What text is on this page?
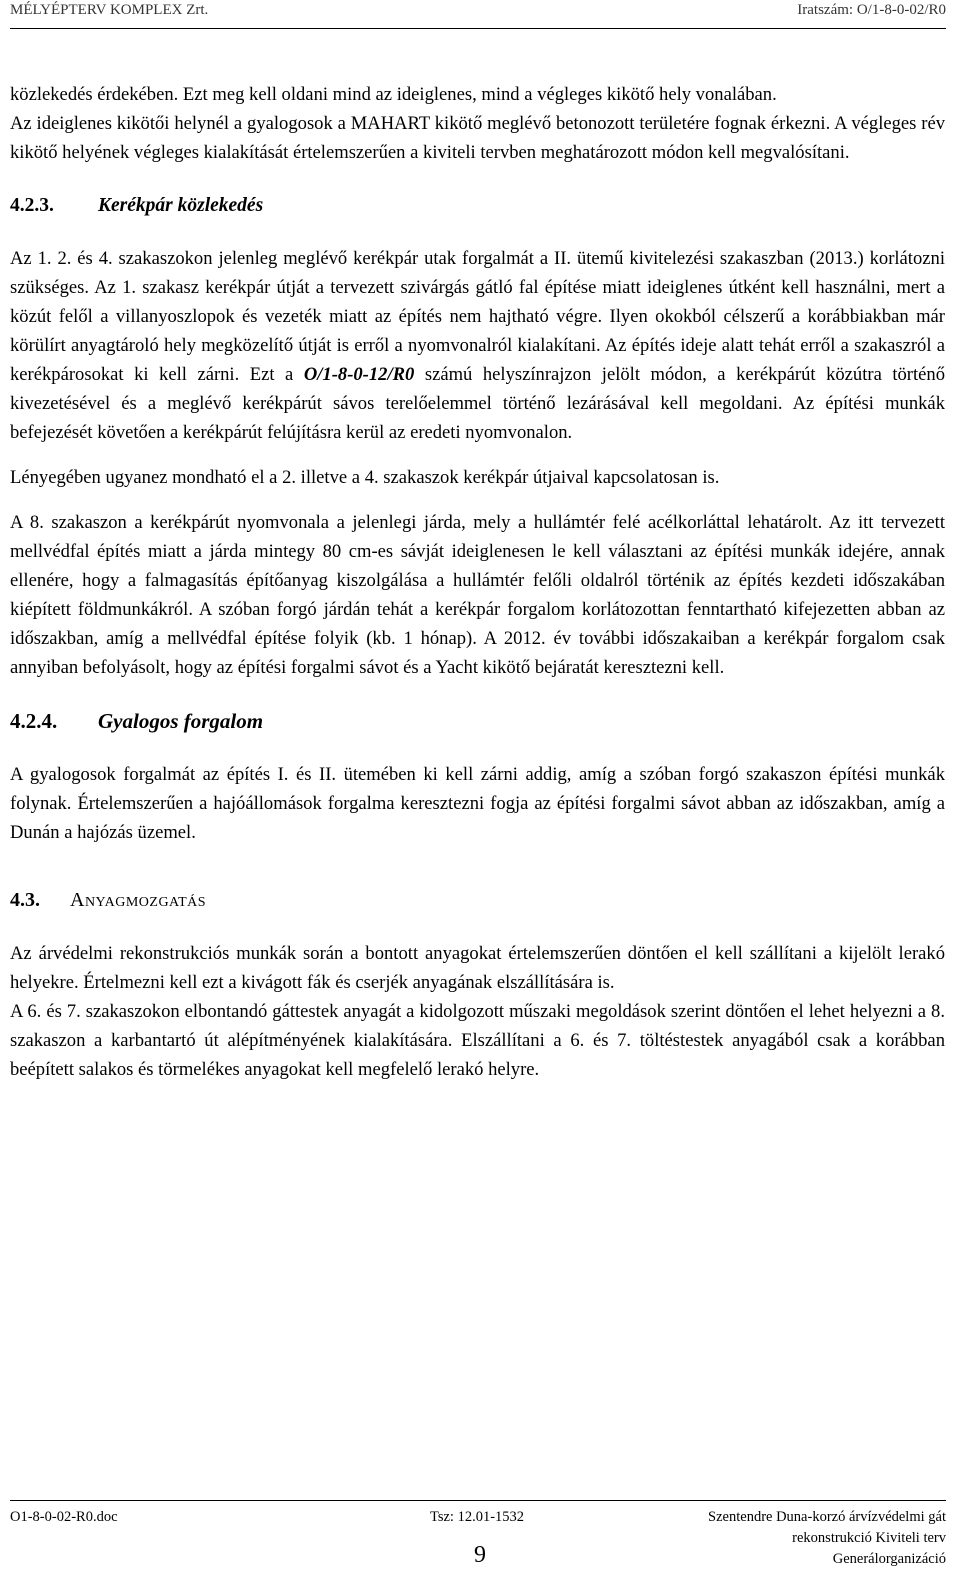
MÉLYÉPTERV KOMPLEX Zrt.	Iratszám: O/1-8-0-02/R0

közlekedés érdekében. Ezt meg kell oldani mind az ideiglenes, mind a végleges kikötő hely vonalában.

Az ideiglenes kikötői helynél a gyalogosok a MAHART kikötő meglévő betonozott területére fognak érkezni. A végleges rév kikötő helyének végleges kialakítását értelemszerűen a kiviteli tervben meghatározott módon kell megvalósítani.

4.2.3.	Kerékpár közlekedés

Az 1. 2. és 4. szakaszokon jelenleg meglévő kerékpár utak forgalmát a II. ütemű kivitelezési szakaszban (2013.) korlátozni szükséges. Az 1. szakasz kerékpár útját a tervezett szivárgás gátló fal építése miatt ideiglenes útként kell használni, mert a közút felől a villanyoszlopok és vezeték miatt az építés nem hajtható végre. Ilyen okokból célszerű a korábbiakban már körülírt anyagtároló hely megközelítő útját is erről a nyomvonalról kialakítani. Az építés ideje alatt tehát erről a szakaszról a kerékpárosokat ki kell zárni. Ezt a O/1-8-0-12/R0 számú helyszínrajzon jelölt módon, a kerékpárút közútra történő kivezetésével és a meglévő kerékpárút sávos terelőelemmel történő lezárásával kell megoldani. Az építési munkák befejezését követően a kerékpárút felújításra kerül az eredeti nyomvonalon.

Lényegében ugyanez mondható el a 2. illetve a 4. szakaszok kerékpár útjaival kapcsolatosan is.

A 8. szakaszon a kerékpárút nyomvonala a jelenlegi járda, mely a hullámtér felé acélkorláttal lehatárolt. Az itt tervezett mellvédfal építés miatt a járda mintegy 80 cm-es sávját ideiglenesen le kell választani az építési munkák idejére, annak ellenére, hogy a falmagasítás építőanyag kiszolgálása a hullámtér felőli oldalról történik az építés kezdeti időszakában kiépített földmunkákról. A szóban forgó járdán tehát a kerékpár forgalom korlátozottan fenntartható kifejezetten abban az időszakban, amíg a mellvédfal építése folyik (kb. 1 hónap). A 2012. év további időszakaiban a kerékpár forgalom csak annyiban befolyásolt, hogy az építési forgalmi sávot és a Yacht kikötő bejáratát keresztezni kell.

4.2.4.	Gyalogos forgalom

A gyalogosok forgalmát az építés I. és II. ütemében ki kell zárni addig, amíg a szóban forgó szakaszon építési munkák folynak. Értelemszerűen a hajóállomások forgalma keresztezni fogja az építési forgalmi sávot abban az időszakban, amíg a Dunán a hajózás üzemel.

4.3.	Anyagmozgatás

Az árvédelmi rekonstrukciós munkák során a bontott anyagokat értelemszerűen döntően el kell szállítani a kijelölt lerakó helyekre. Értelmezni kell ezt a kivágott fák és cserjék anyagának elszállítására is.

A 6. és 7. szakaszokon elbontandó gáttestek anyagát a kidolgozott műszaki megoldások szerint döntően el lehet helyezni a 8. szakaszon a karbantartó út alépítményének kialakítására. Elszállítani a 6. és 7. töltéstestek anyagából csak a korábban beépített salakos és törmelékes anyagokat kell megfelelő lerakó helyre.

O1-8-0-02-R0.doc	Tsz: 12.01-1532	Szentendre Duna-korzó árvízvédelmi gát
rekonstrukció Kiviteli terv
Generálorganizáció
9
